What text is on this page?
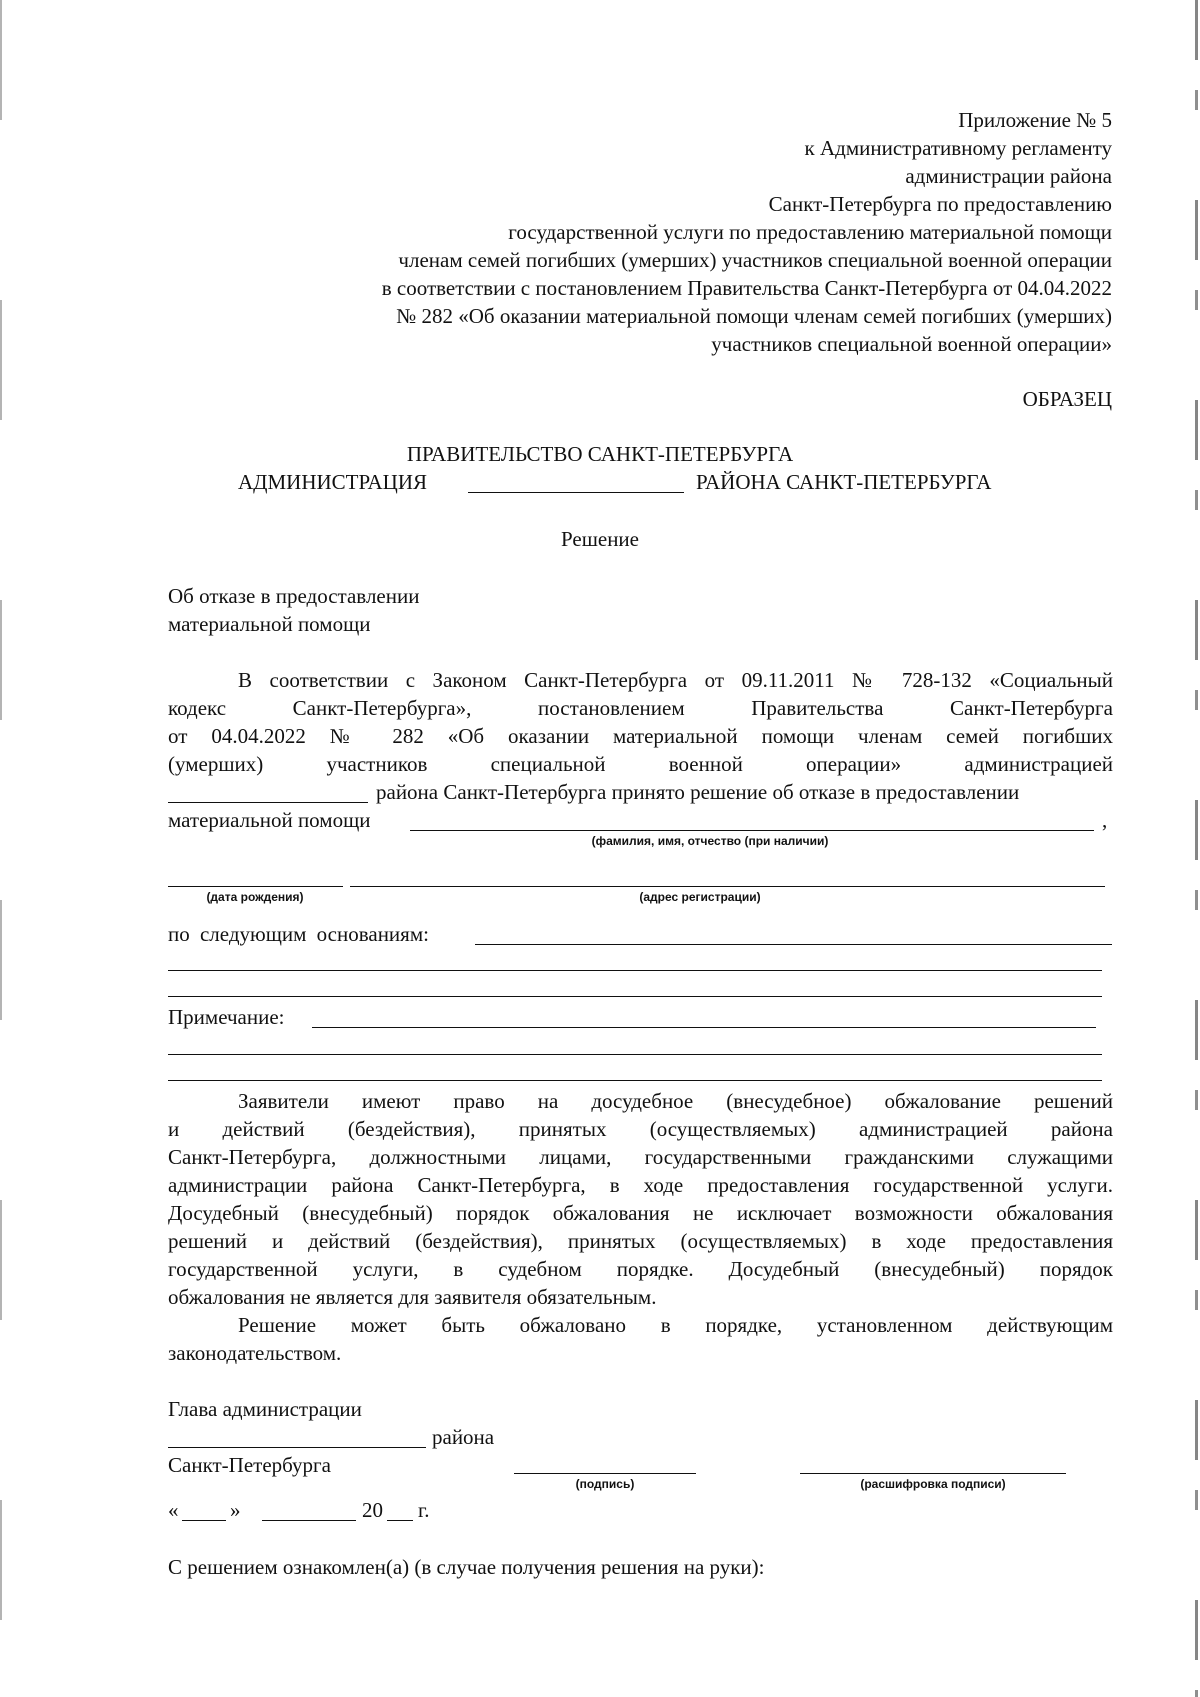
Приложение № 5
к Административному регламенту
администрации района
Санкт-Петербурга по предоставлению
государственной услуги по предоставлению материальной помощи
членам семей погибших (умерших) участников специальной военной операции
в соответствии с постановлением Правительства Санкт-Петербурга от 04.04.2022
№ 282 «Об оказании материальной помощи членам семей погибших (умерших)
участников специальной военной операции»
ОБРАЗЕЦ
ПРАВИТЕЛЬСТВО САНКТ-ПЕТЕРБУРГА
АДМИНИСТРАЦИЯ	РАЙОНА САНКТ-ПЕТЕРБУРГА
Решение
Об отказе в предоставлении
материальной помощи
В соответствии с Законом Санкт-Петербурга от 09.11.2011 № 728-132 «Социальный
кодекс Санкт-Петербурга», постановлением Правительства Санкт-Петербурга
от 04.04.2022 № 282 «Об оказании материальной помощи членам семей погибших
(умерших) участников специальной военной операции» администрацией
района Санкт-Петербурга принято решение об отказе в предоставлении
материальной помощи	,
(фамилия, имя, отчество (при наличии)
(дата рождения)	(адрес регистрации)
по следующим основаниям:
Примечание:
Заявители имеют право на досудебное (внесудебное) обжалование решений
и действий (бездействия), принятых (осуществляемых) администрацией района
Санкт-Петербурга, должностными лицами, государственными гражданскими служащими
администрации района Санкт-Петербурга, в ходе предоставления государственной услуги.
Досудебный (внесудебный) порядок обжалования не исключает возможности обжалования
решений и действий (бездействия), принятых (осуществляемых) в ходе предоставления
государственной услуги, в судебном порядке. Досудебный (внесудебный) порядок
обжалования не является для заявителя обязательным.
Решение может быть обжаловано в порядке, установленном действующим
законодательством.
Глава администрации
района
Санкт-Петербурга
(подпись)	(расшифровка подписи)
« »	20 г.
С решением ознакомлен(а) (в случае получения решения на руки):
